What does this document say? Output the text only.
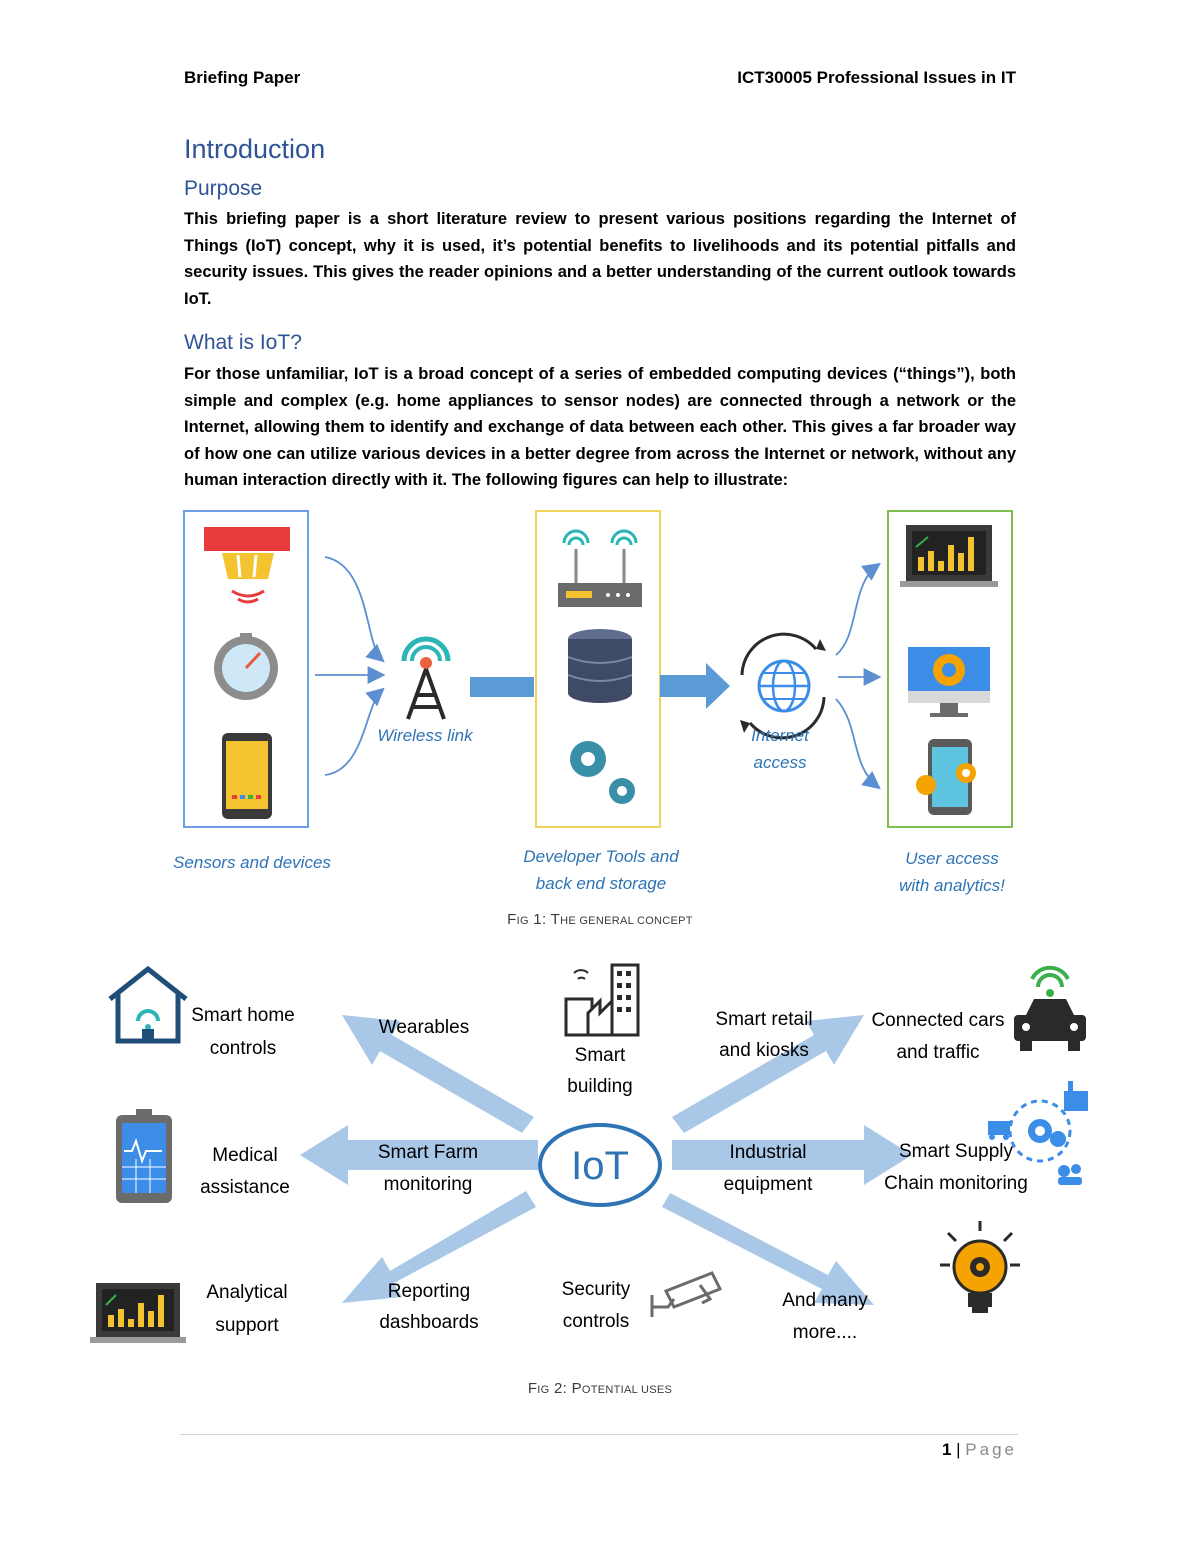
Briefing Paper	ICT30005 Professional Issues in IT
Introduction
Purpose
This briefing paper is a short literature review to present various positions regarding the Internet of Things (IoT) concept, why it is used, it’s potential benefits to livelihoods and its potential pitfalls and security issues. This gives the reader opinions and a better understanding of the current outlook towards IoT.
What is IoT?
For those unfamiliar, IoT is a broad concept of a series of embedded computing devices (“things”), both simple and complex (e.g. home appliances to sensor nodes) are connected through a network or the Internet, allowing them to identify and exchange of data between each other. This gives a far broader way of how one can utilize various devices in a better degree from across the Internet or network, without any human interaction directly with it. The following figures can help to illustrate:
Wireless link	Internet
access
Sensors and devices	Developer Tools and
back end storage
User access
with analytics!
FIG 1: THE GENERAL CONCEPT
IoT
Smart home
controls
Wearables
Smart
building
Smart retail
and kiosks
Connected cars
and traffic
Medical
assistance
Smart Farm
monitoring
Industrial
equipment
Smart Supply
Chain monitoring
Analytical
support
Reporting
dashboards
Security
controls
And many
more....
FIG 2: POTENTIAL USES
1 | Page
